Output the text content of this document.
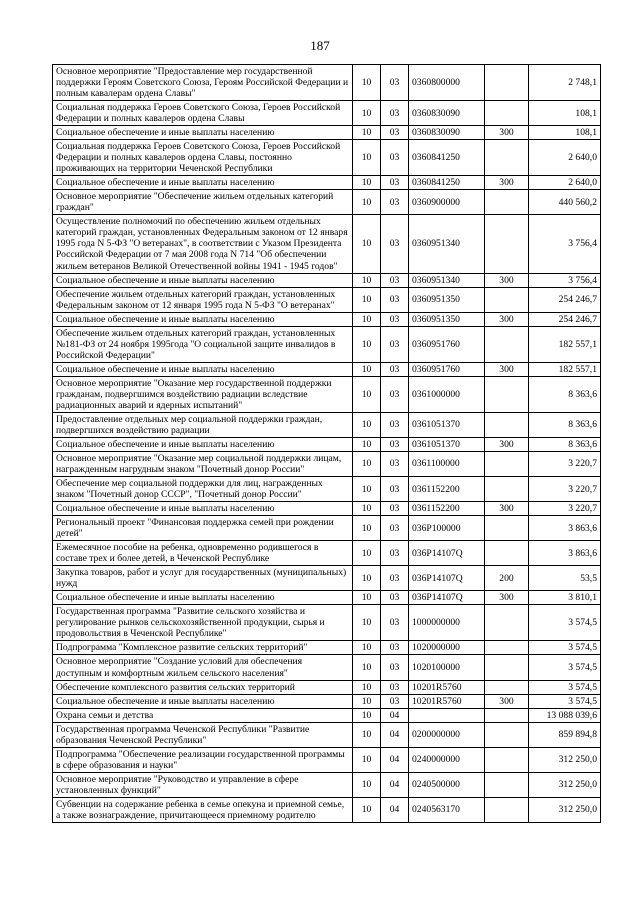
187
Основное мероприятие "Предоставление мер государственной поддержки Героям Советского Союза, Героям Российской Федерации и полным кавалерам ордена Славы"	10	03	0360800000		2 748,1
Социальная поддержка Героев Советского Союза, Героев Российской Федерации и полных кавалеров ордена Славы	10	03	0360830090		108,1
Социальное обеспечение и иные выплаты населению	10	03	0360830090	300	108,1
Социальная поддержка Героев Советского Союза, Героев Российской Федерации и полных кавалеров ордена Славы, постоянно проживающих на территории Чеченской Республики	10	03	0360841250		2 640,0
Социальное обеспечение и иные выплаты населению	10	03	0360841250	300	2 640,0
Основное мероприятие "Обеспечение жильем отдельных категорий граждан"	10	03	0360900000		440 560,2
Осуществление полномочий по обеспечению жильем отдельных категорий граждан, установленных Федеральным законом от 12 января 1995 года N 5-ФЗ "О ветеранах", в соответствии с Указом Президента Российской Федерации от 7 мая 2008 года N 714 "Об обеспечении жильем ветеранов Великой Отечественной войны 1941 - 1945 годов"	10	03	0360951340		3 756,4
Социальное обеспечение и иные выплаты населению	10	03	0360951340	300	3 756,4
Обеспечение жильем отдельных категорий граждан, установленных Федеральным законом от 12 января 1995 года N 5-ФЗ "О ветеранах"	10	03	0360951350		254 246,7
Социальное обеспечение и иные выплаты населению	10	03	0360951350	300	254 246,7
Обеспечение жильем отдельных категорий граждан, установленных №181-ФЗ от 24 ноября 1995года "О социальной защите инвалидов в Российской Федерации"	10	03	0360951760		182 557,1
Социальное обеспечение и иные выплаты населению	10	03	0360951760	300	182 557,1
Основное мероприятие "Оказание мер государственной поддержки гражданам, подвергшимся воздействию радиации вследствие радиационных аварий и ядерных испытаний"	10	03	0361000000		8 363,6
Предоставление отдельных мер социальной поддержки граждан, подвергшихся воздействию радиации	10	03	0361051370		8 363,6
Социальное обеспечение и иные выплаты населению	10	03	0361051370	300	8 363,6
Основное мероприятие "Оказание мер социальной поддержки лицам, награжденным нагрудным знаком "Почетный донор России"	10	03	0361100000		3 220,7
Обеспечение мер социальной поддержки для лиц, награжденных знаком "Почетный донор СССР", "Почетный донор России"	10	03	0361152200		3 220,7
Социальное обеспечение и иные выплаты населению	10	03	0361152200	300	3 220,7
Региональный проект "Финансовая поддержка семей при рождении детей"	10	03	036P100000		3 863,6
Ежемесячное пособие на ребенка, одновременно родившегося в составе трех и более детей, в Чеченской Республике	10	03	036P14107Q		3 863,6
Закупка товаров, работ и услуг для государственных (муниципальных) нужд	10	03	036P14107Q	200	53,5
Социальное обеспечение и иные выплаты населению	10	03	036P14107Q	300	3 810,1
Государственная программа "Развитие сельского хозяйства и регулирование рынков сельскохозяйственной продукции, сырья и продовольствия в Чеченской Республике"	10	03	1000000000		3 574,5
Подпрограмма "Комплексное развитие сельских территорий"	10	03	1020000000		3 574,5
Основное мероприятие "Создание условий для обеспечения доступным и комфортным жильем сельского населения"	10	03	1020100000		3 574,5
Обеспечение комплексного развития сельских территорий	10	03	10201R5760		3 574,5
Социальное обеспечение и иные выплаты населению	10	03	10201R5760	300	3 574,5
Охрана семьи и детства	10	04			13 088 039,6
Государственная программа Чеченской Республики "Развитие образования Чеченской Республики"	10	04	0200000000		859 894,8
Подпрограмма "Обеспечение реализации государственной программы в сфере образования и науки"	10	04	0240000000		312 250,0
Основное мероприятие "Руководство и управление в сфере установленных функций"	10	04	0240500000		312 250,0
Субвенции на содержание ребенка в семье опекуна и приемной семье, а также вознаграждение, причитающееся приемному родителю	10	04	0240563170		312 250,0
